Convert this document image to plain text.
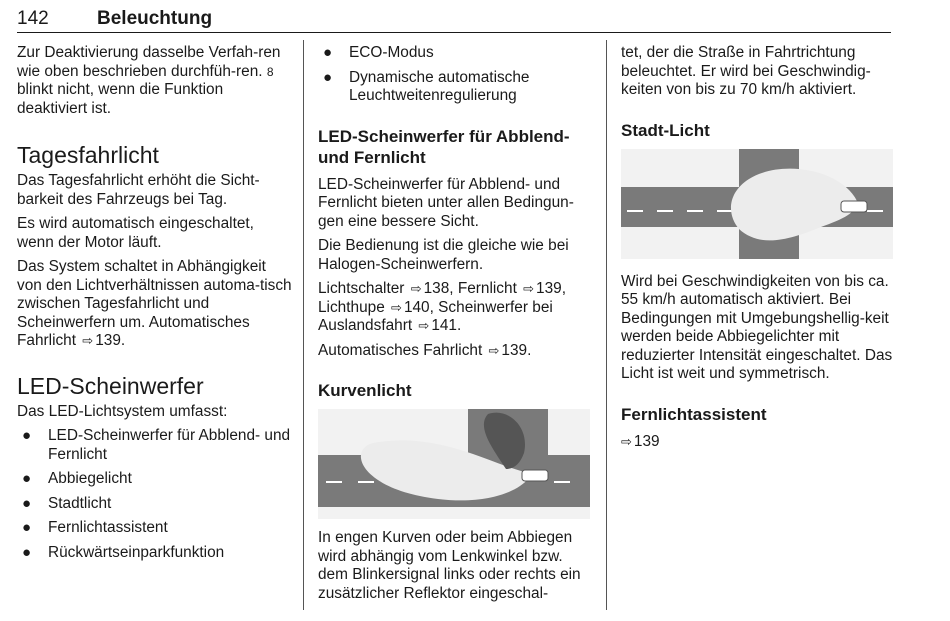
142	Beleuchtung

Zur Deaktivierung dasselbe Verfah-ren wie oben beschrieben durchfüh-ren. 8 blinkt nicht, wenn die Funktion deaktiviert ist.

Tagesfahrlicht

Das Tagesfahrlicht erhöht die Sicht-barkeit des Fahrzeugs bei Tag.

Es wird automatisch eingeschaltet, wenn der Motor läuft.

Das System schaltet in Abhängigkeit von den Lichtverhältnissen automa-tisch zwischen Tagesfahrlicht und Scheinwerfern um. Automatisches Fahrlicht ⇨ 139.

LED-Scheinwerfer

Das LED-Lichtsystem umfasst:

● LED-Scheinwerfer für Abblend- und Fernlicht
● Abbiegelicht
● Stadtlicht
● Fernlichtassistent
● Rückwärtseinparkfunktion
● ECO-Modus
● Dynamische automatische Leuchtweitenregulierung
LED-Scheinwerfer für Abblend- und Fernlicht

LED-Scheinwerfer für Abblend- und Fernlicht bieten unter allen Bedingun-gen eine bessere Sicht.

Die Bedienung ist die gleiche wie bei Halogen-Scheinwerfern.

Lichtschalter ⇨ 138, Fernlicht ⇨ 139, Lichthupe ⇨ 140, Scheinwerfer bei Auslandsfahrt ⇨ 141.

Automatisches Fahrlicht ⇨ 139.

Kurvenlicht

In engen Kurven oder beim Abbiegen wird abhängig vom Lenkwinkel bzw. dem Blinkersignal links oder rechts ein zusätzlicher Reflektor eingeschal-

tet, der die Straße in Fahrtrichtung beleuchtet. Er wird bei Geschwindig-keiten von bis zu 70 km/h aktiviert.

Stadt-Licht

Wird bei Geschwindigkeiten von bis ca. 55 km/h automatisch aktiviert. Bei Bedingungen mit Umgebungshellig-keit werden beide Abbiegelichter mit reduzierter Intensität eingeschaltet. Das Licht ist weit und symmetrisch.

Fernlichtassistent

⇨ 139
